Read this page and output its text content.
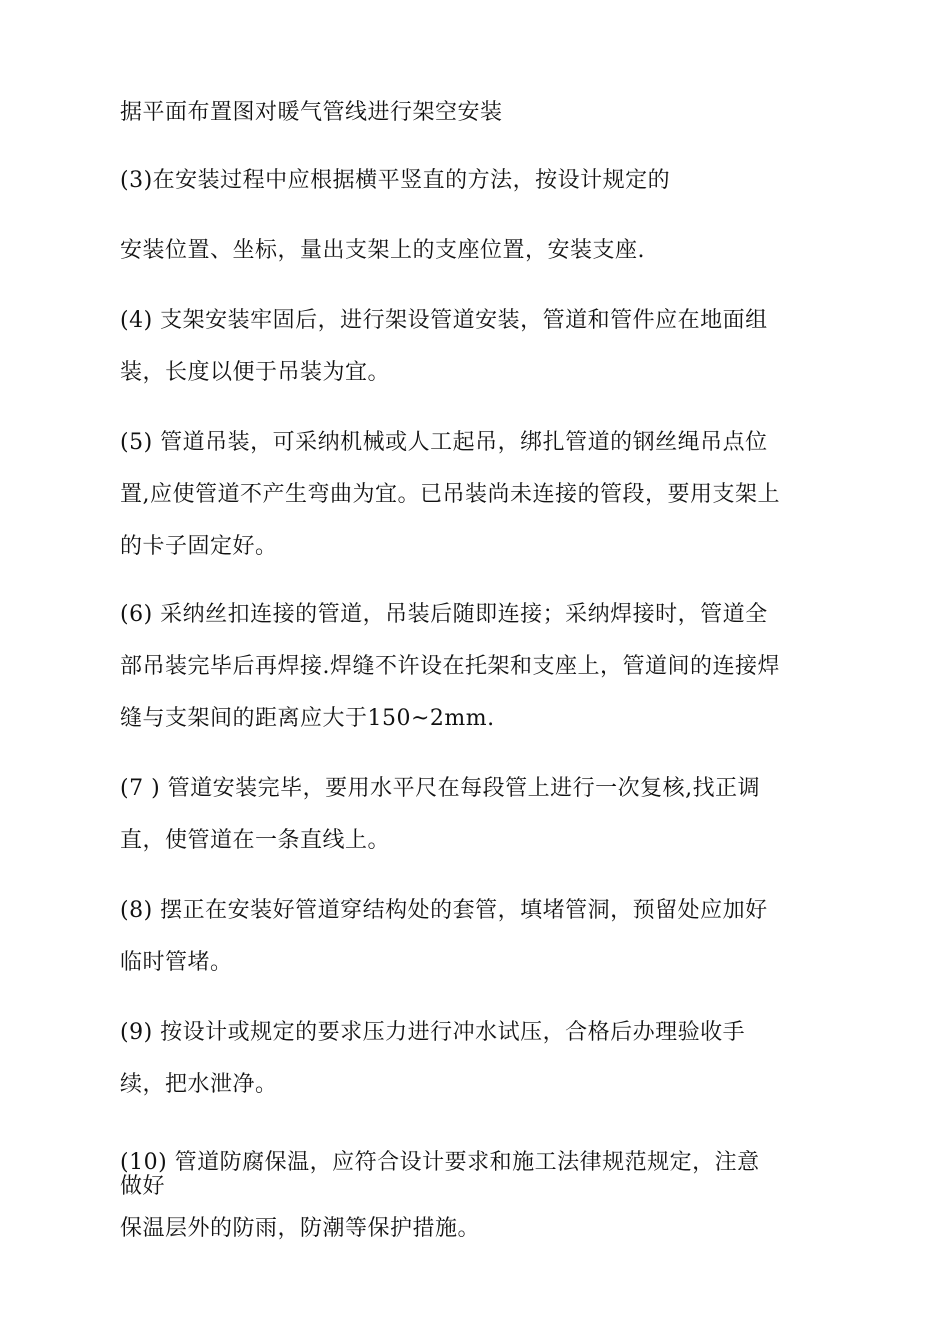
据平面布置图对暖气管线进行架空安装
(3)在安装过程中应根据横平竖直的方法，按设计规定的
安装位置、坐标，量出支架上的支座位置，安装支座.
(4) 支架安装牢固后，进行架设管道安装，管道和管件应在地面组
装，长度以便于吊装为宜。
(5) 管道吊装，可采纳机械或人工起吊，绑扎管道的钢丝绳吊点位
置,应使管道不产生弯曲为宜。已吊装尚未连接的管段，要用支架上
的卡子固定好。
(6) 采纳丝扣连接的管道，吊装后随即连接；采纳焊接时，管道全
部吊装完毕后再焊接.焊缝不许设在托架和支座上，管道间的连接焊
缝与支架间的距离应大于150~2mm.
(7 ) 管道安装完毕，要用水平尺在每段管上进行一次复核,找正调
直，使管道在一条直线上。
(8) 摆正在安装好管道穿结构处的套管，填堵管洞，预留处应加好
临时管堵。
(9) 按设计或规定的要求压力进行冲水试压，合格后办理验收手
续，把水泄净。
(10) 管道防腐保温，应符合设计要求和施工法律规范规定，注意
做好
保温层外的防雨，防潮等保护措施。
